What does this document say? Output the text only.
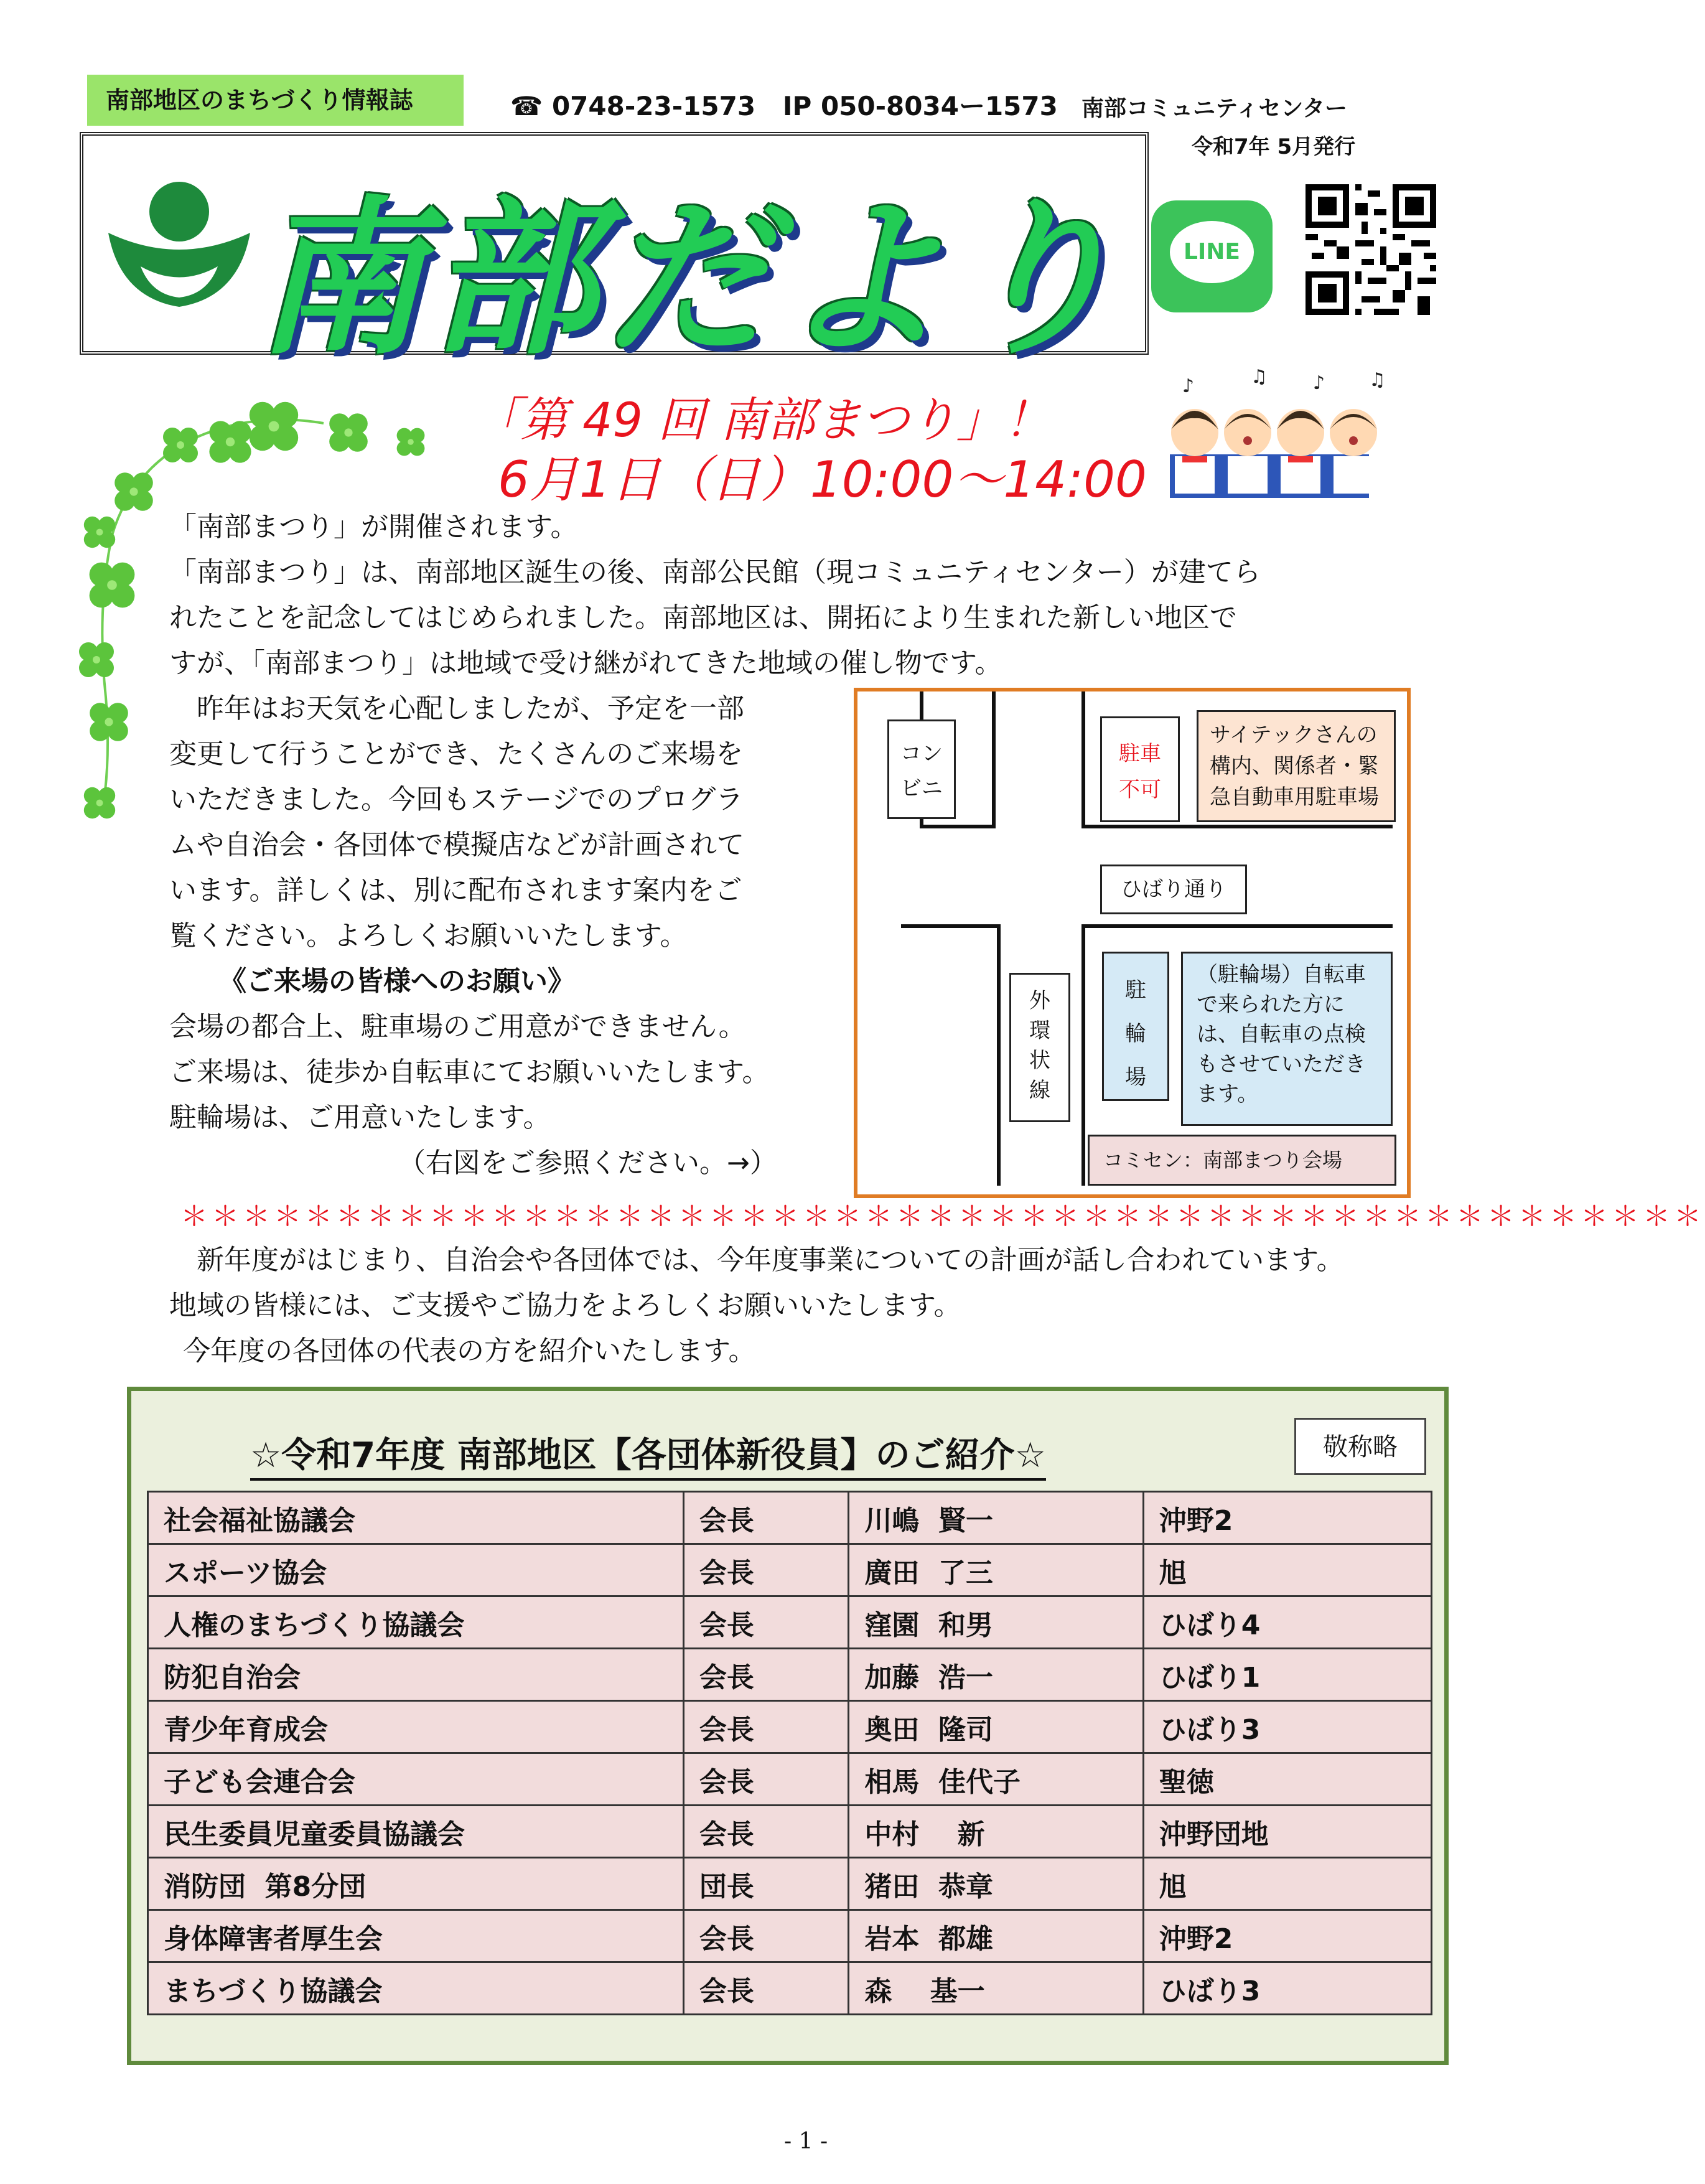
南部地区のまちづくり情報誌	☎ 0748-23-1573 IP 050-8034ー1573 南部コミュニティセンター
令和7年 5月発行
南部だより	LINE
♪	♫ ♪ ♫
「第 49 回 南部まつり」！
6月1日（日）10:00～14:00
「南部まつり」が開催されます。
「南部まつり」は、南部地区誕生の後、南部公民館（現コミュニティセンター）が建てら
れたことを記念してはじめられました。南部地区は、開拓により生まれた新しい地区で
すが、「南部まつり」は地域で受け継がれてきた地域の催し物です。
昨年はお天気を心配しましたが、予定を一部
変更して行うことができ、たくさんのご来場を
いただきました。今回もステージでのプログラ
ムや自治会・各団体で模擬店などが計画されて
います。詳しくは、別に配布されます案内をご
覧ください。よろしくお願いいたします。
《ご来場の皆様へのお願い》
会場の都合上、駐車場のご用意ができません。
ご来場は、徒歩か自転車にてお願いいたします。
駐輪場は、ご用意いたします。
（右図をご参照ください。→）
コンビニ
駐車
不可
サイテックさんの構内、関係者・緊急自動車用駐車場
ひばり通り
外環状線
駐輪場
（駐輪場）自転車で来られた方には、自転車の点検もさせていただきます。
コミセン：南部まつり会場
＊＊＊＊＊＊＊＊＊＊＊＊＊＊＊＊＊＊＊＊＊＊＊＊＊＊＊＊＊＊＊＊＊＊＊＊＊＊＊＊＊＊＊＊＊＊＊＊＊
新年度がはじまり、自治会や各団体では、今年度事業についての計画が話し合われています。
地域の皆様には、ご支援やご協力をよろしくお願いいたします。
今年度の各団体の代表の方を紹介いたします。
☆令和7年度 南部地区【各団体新役員】のご紹介☆	敬称略
社会福祉協議会	会長	川嶋  賢一	沖野2
スポーツ協会	会長	廣田  了三	旭
人権のまちづくり協議会	会長	窪園  和男	ひばり4
防犯自治会	会長	加藤  浩一	ひばり1
青少年育成会	会長	奥田  隆司	ひばり3
子ども会連合会	会長	相馬  佳代子	聖徳
民生委員児童委員協議会	会長	中村    新	沖野団地
消防団  第8分団	団長	猪田  恭章	旭
身体障害者厚生会	会長	岩本  都雄	沖野2
まちづくり協議会	会長	森    基一	ひばり3
- 1 -
